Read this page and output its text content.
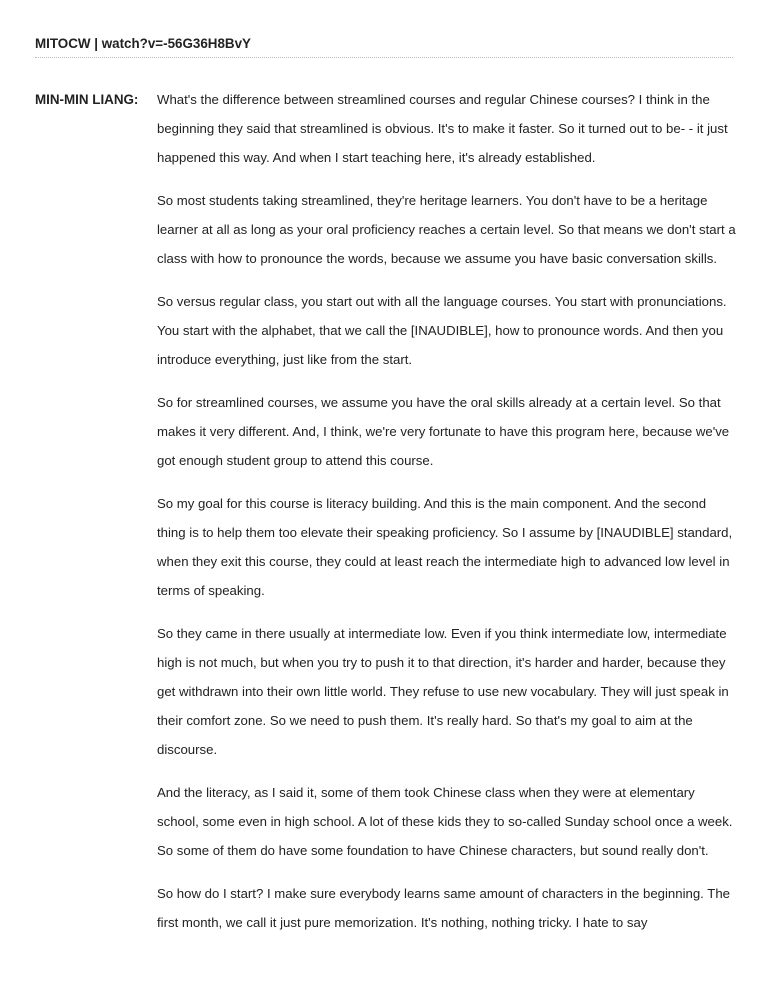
MITOCW | watch?v=-56G36H8BvY
MIN-MIN LIANG: What's the difference between streamlined courses and regular Chinese courses? I think in the beginning they said that streamlined is obvious. It's to make it faster. So it turned out to be- - it just happened this way. And when I start teaching here, it's already established.

So most students taking streamlined, they're heritage learners. You don't have to be a heritage learner at all as long as your oral proficiency reaches a certain level. So that means we don't start a class with how to pronounce the words, because we assume you have basic conversation skills.

So versus regular class, you start out with all the language courses. You start with pronunciations. You start with the alphabet, that we call the [INAUDIBLE], how to pronounce words. And then you introduce everything, just like from the start.

So for streamlined courses, we assume you have the oral skills already at a certain level. So that makes it very different. And, I think, we're very fortunate to have this program here, because we've got enough student group to attend this course.

So my goal for this course is literacy building. And this is the main component. And the second thing is to help them too elevate their speaking proficiency. So I assume by [INAUDIBLE] standard, when they exit this course, they could at least reach the intermediate high to advanced low level in terms of speaking.

So they came in there usually at intermediate low. Even if you think intermediate low, intermediate high is not much, but when you try to push it to that direction, it's harder and harder, because they get withdrawn into their own little world. They refuse to use new vocabulary. They will just speak in their comfort zone. So we need to push them. It's really hard. So that's my goal to aim at the discourse.

And the literacy, as I said it, some of them took Chinese class when they were at elementary school, some even in high school. A lot of these kids they to so-called Sunday school once a week. So some of them do have some foundation to have Chinese characters, but sound really don't.

So how do I start? I make sure everybody learns same amount of characters in the beginning. The first month, we call it just pure memorization. It's nothing, nothing tricky. I hate to say
